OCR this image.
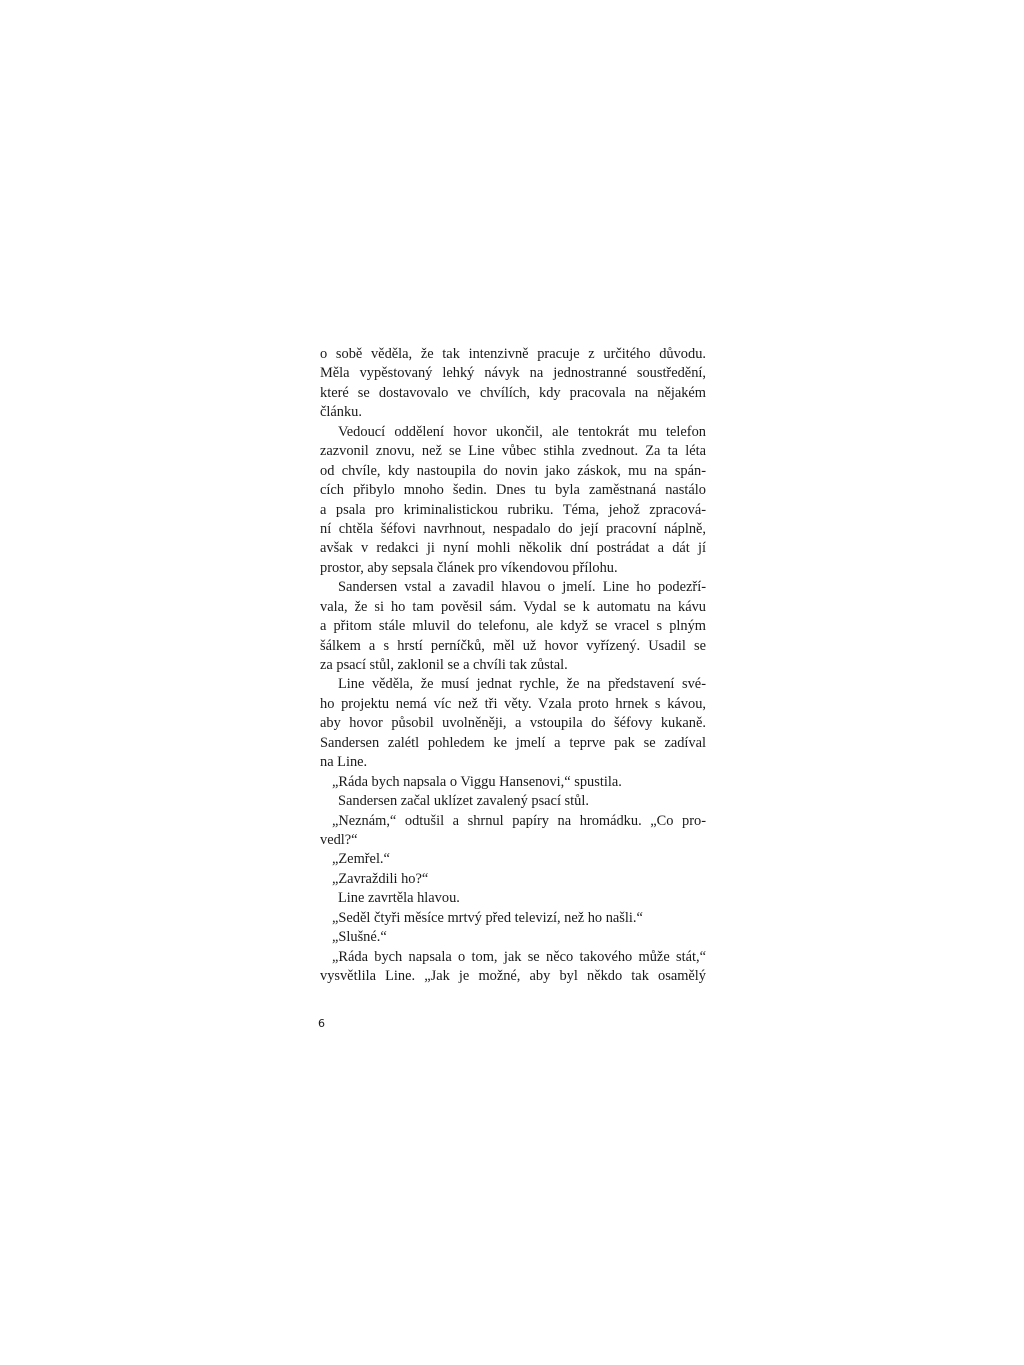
o sobě věděla, že tak intenzivně pracuje z určitého důvodu.
Měla vypěstovaný lehký návyk na jednostranné soustředění,
které se dostavovalo ve chvílích, kdy pracovala na nějakém
článku.
Vedoucí oddělení hovor ukončil, ale tentokrát mu telefon
zazvonil znovu, než se Line vůbec stihla zvednout. Za ta léta
od chvíle, kdy nastoupila do novin jako záskok, mu na spán-
cích přibylo mnoho šedin. Dnes tu byla zaměstnaná nastálo
a psala pro kriminalistickou rubriku. Téma, jehož zpracová-
ní chtěla šéfovi navrhnout, nespadalo do její pracovní náplně,
avšak v redakci ji nyní mohli několik dní postrádat a dát jí
prostor, aby sepsala článek pro víkendovou přílohu.
Sandersen vstal a zavadil hlavou o jmelí. Line ho podezří-
vala, že si ho tam pověsil sám. Vydal se k automatu na kávu
a přitom stále mluvil do telefonu, ale když se vracel s plným
šálkem a s hrstí perníčků, měl už hovor vyřízený. Usadil se
za psací stůl, zaklonil se a chvíli tak zůstal.
Line věděla, že musí jednat rychle, že na představení své-
ho projektu nemá víc než tři věty. Vzala proto hrnek s kávou,
aby hovor působil uvolněněji, a vstoupila do šéfovy kukaně.
Sandersen zalétl pohledem ke jmelí a teprve pak se zadíval
na Line.
„Ráda bych napsala o Viggu Hansenovi,“ spustila.
Sandersen začal uklízet zavalený psací stůl.
„Neznám,“ odtušil a shrnul papíry na hromádku. „Co pro-
vedl?“
„Zemřel.“
„Zavraždili ho?“
Line zavrtěla hlavou.
„Seděl čtyři měsíce mrtvý před televizí, než ho našli.“
„Slušné.“
„Ráda bych napsala o tom, jak se něco takového může stát,“
vysvětlila Line. „Jak je možné, aby byl někdo tak osamělý
6
